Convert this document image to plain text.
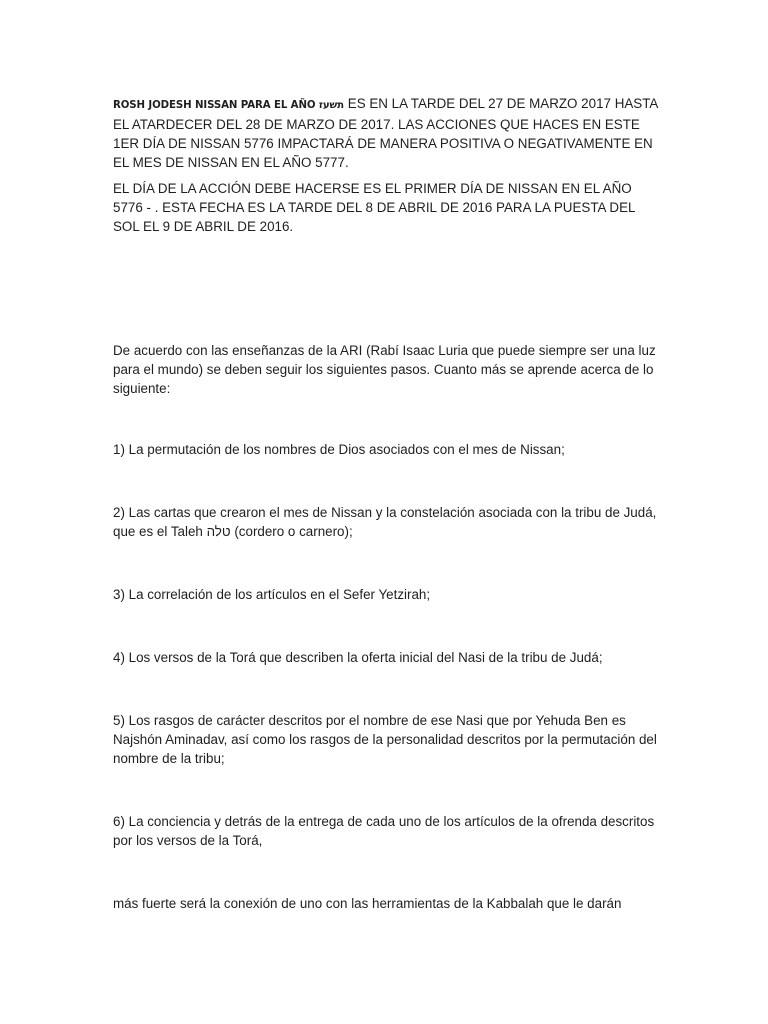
ROSH JODESH NISSAN PARA EL AÑO תשעז ES EN LA TARDE DEL 27 DE MARZO 2017 HASTA EL ATARDECER DEL 28 DE MARZO DE 2017. LAS ACCIONES QUE HACES EN ESTE 1ER DÍA DE NISSAN 5776 IMPACTARÁ DE MANERA POSITIVA O NEGATIVAMENTE EN EL MES DE NISSAN EN EL AÑO 5777.

EL DÍA DE LA ACCIÓN DEBE HACERSE ES EL PRIMER DÍA DE NISSAN EN EL AÑO 5776 - . ESTA FECHA ES LA TARDE DEL 8 DE ABRIL DE 2016 PARA LA PUESTA DEL SOL EL 9 DE ABRIL DE 2016.

De acuerdo con las enseñanzas de la ARI (Rabí Isaac Luria que puede siempre ser una luz para el mundo) se deben seguir los siguientes pasos. Cuanto más se aprende acerca de lo siguiente:

1) La permutación de los nombres de Dios asociados con el mes de Nissan;

2) Las cartas que crearon el mes de Nissan y la constelación asociada con la tribu de Judá, que es el Taleh טלה (cordero o carnero);

3) La correlación de los artículos en el Sefer Yetzirah;

4) Los versos de la Torá que describen la oferta inicial del Nasi de la tribu de Judá;

5) Los rasgos de carácter descritos por el nombre de ese Nasi que por Yehuda Ben es Najshón Aminadav, así como los rasgos de la personalidad descritos por la permutación del nombre de la tribu;

6) La conciencia y detrás de la entrega de cada uno de los artículos de la ofrenda descritos por los versos de la Torá,

más fuerte será la conexión de uno con las herramientas de la Kabbalah que le darán
